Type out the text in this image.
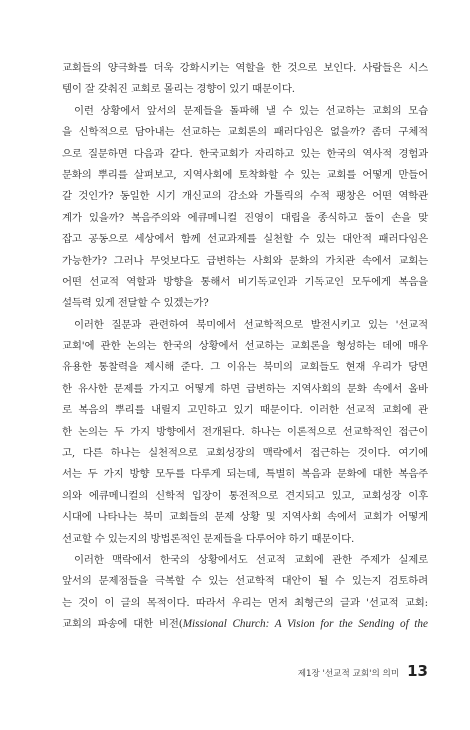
교회들의 양극화를 더욱 강화시키는 역할을 한 것으로 보인다. 사람들은 시스
템이 잘 갖춰진 교회로 몰리는 경향이 있기 때문이다.
이런 상황에서 앞서의 문제들을 돌파해 낼 수 있는 선교하는 교회의 모습
을 신학적으로 담아내는 선교하는 교회론의 패러다임은 없을까? 좀더 구체적
으로 질문하면 다음과 같다. 한국교회가 자리하고 있는 한국의 역사적 경험과
문화의 뿌리를 살펴보고, 지역사회에 토착화할 수 있는 교회를 어떻게 만들어
갈 것인가? 동일한 시기 개신교의 감소와 가톨릭의 수적 팽창은 어떤 역학관
계가 있을까? 복음주의와 에큐메니컬 진영이 대립을 종식하고 둘이 손을 맞
잡고 공동으로 세상에서 함께 선교과제를 실천할 수 있는 대안적 패러다임은
가능한가? 그러나 무엇보다도 급변하는 사회와 문화의 가치관 속에서 교회는
어떤 선교적 역할과 방향을 통해서 비기독교인과 기독교인 모두에게 복음을
설득력 있게 전달할 수 있겠는가?
이러한 질문과 관련하여 북미에서 선교학적으로 발전시키고 있는 '선교적
교회'에 관한 논의는 한국의 상황에서 선교하는 교회론을 형성하는 데에 매우
유용한 통찰력을 제시해 준다. 그 이유는 북미의 교회들도 현재 우리가 당면
한 유사한 문제를 가지고 어떻게 하면 급변하는 지역사회의 문화 속에서 올바
로 복음의 뿌리를 내릴지 고민하고 있기 때문이다. 이러한 선교적 교회에 관
한 논의는 두 가지 방향에서 전개된다. 하나는 이론적으로 선교학적인 접근이
고, 다른 하나는 실천적으로 교회성장의 맥락에서 접근하는 것이다. 여기에
서는 두 가지 방향 모두를 다루게 되는데, 특별히 복음과 문화에 대한 복음주
의와 에큐메니컬의 신학적 입장이 통전적으로 견지되고 있고, 교회성장 이후
시대에 나타나는 북미 교회들의 문제 상황 및 지역사회 속에서 교회가 어떻게
선교할 수 있는지의 방법론적인 문제들을 다루어야 하기 때문이다.
이러한 맥락에서 한국의 상황에서도 선교적 교회에 관한 주제가 실제로
앞서의 문제점들을 극복할 수 있는 선교학적 대안이 될 수 있는지 검토하려
는 것이 이 글의 목적이다. 따라서 우리는 먼저 최형근의 글과 '선교적 교회:
교회의 파송에 대한 비전(Missional Church: A Vision for the Sending of the
제1장 '선교적 교회'의 의미 13
